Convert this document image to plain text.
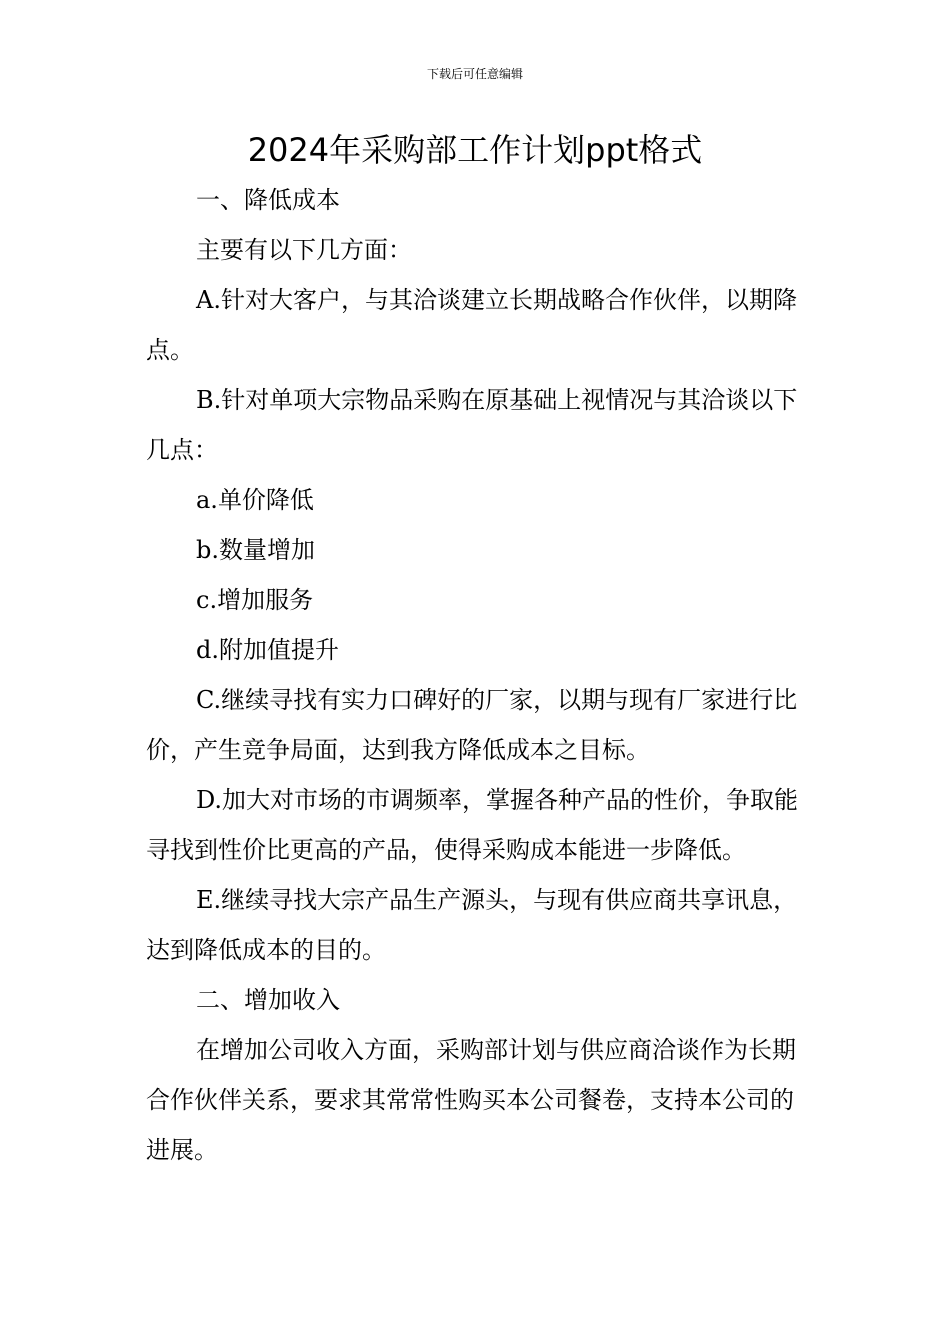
下载后可任意编辑
2024年采购部工作计划ppt格式

一、降低成本

主要有以下几方面：

A.针对大客户，与其洽谈建立长期战略合作伙伴，以期降点。

B.针对单项大宗物品采购在原基础上视情况与其洽谈以下几点：

a.单价降低

b.数量增加

c.增加服务

d.附加值提升

C.继续寻找有实力口碑好的厂家，以期与现有厂家进行比价，产生竞争局面，达到我方降低成本之目标。

D.加大对市场的市调频率，掌握各种产品的性价，争取能寻找到性价比更高的产品，使得采购成本能进一步降低。

E.继续寻找大宗产品生产源头，与现有供应商共享讯息，达到降低成本的目的。

二、增加收入

在增加公司收入方面，采购部计划与供应商洽谈作为长期合作伙伴关系，要求其常常性购买本公司餐卷，支持本公司的进展。
